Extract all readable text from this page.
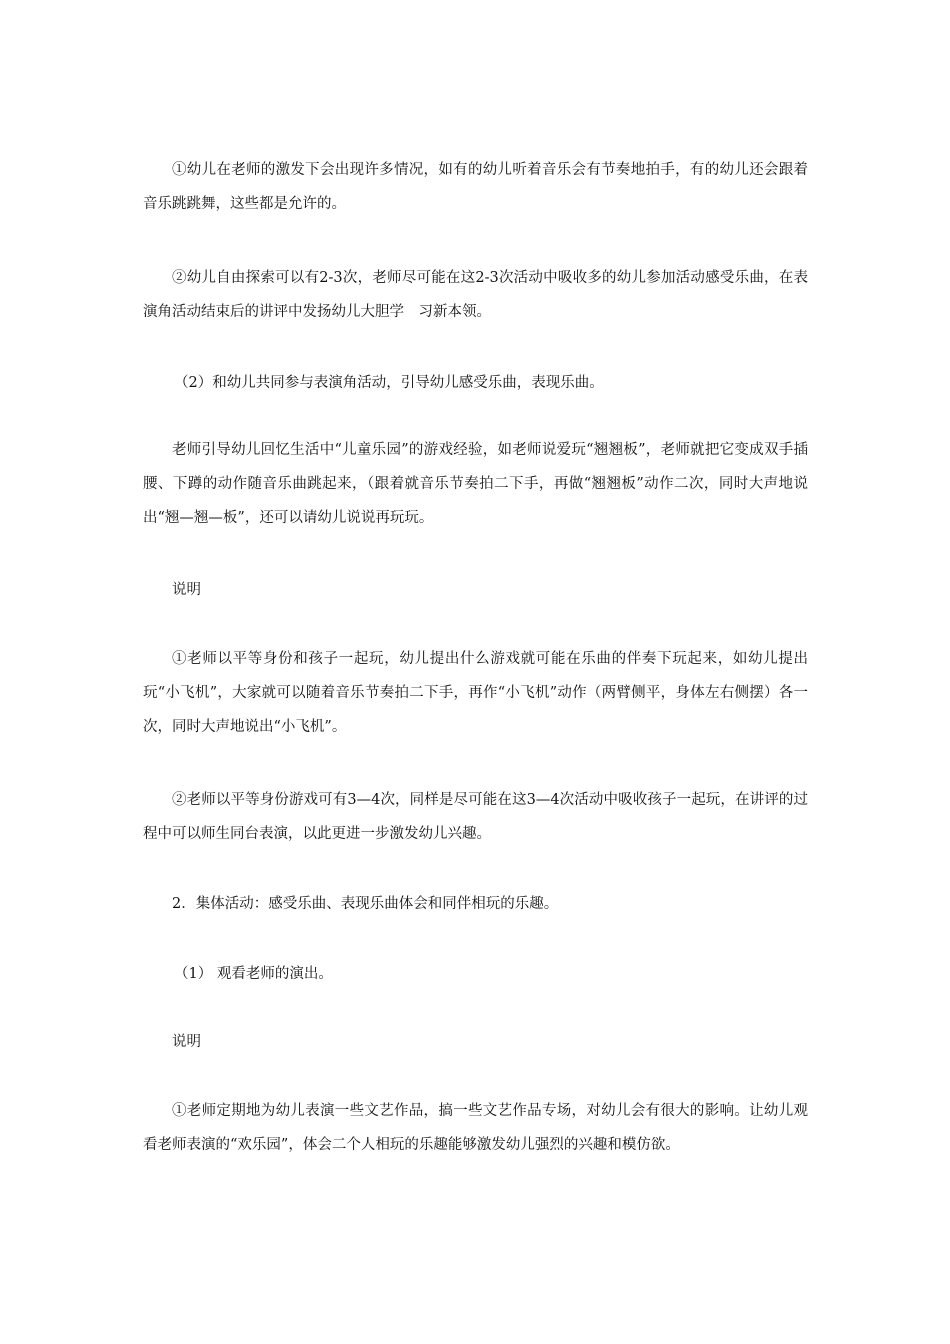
①幼儿在老师的激发下会出现许多情况，如有的幼儿听着音乐会有节奏地拍手，有的幼儿还会跟着音乐跳跳舞，这些都是允许的。

②幼儿自由探索可以有2-3次，老师尽可能在这2-3次活动中吸收多的幼儿参加活动感受乐曲，在表演角活动结束后的讲评中发扬幼儿大胆学　习新本领。

（2）和幼儿共同参与表演角活动，引导幼儿感受乐曲，表现乐曲。

老师引导幼儿回忆生活中“儿童乐园”的游戏经验，如老师说爱玩“翘翘板”，老师就把它变成双手插腰、下蹲的动作随音乐曲跳起来，（跟着就音乐节奏拍二下手，再做“翘翘板”动作二次，同时大声地说出“翘—翘—板”，还可以请幼儿说说再玩玩。

说明

①老师以平等身份和孩子一起玩，幼儿提出什么游戏就可能在乐曲的伴奏下玩起来，如幼儿提出玩“小飞机”，大家就可以随着音乐节奏拍二下手，再作“小飞机”动作（两臂侧平，身体左右侧摆）各一次，同时大声地说出“小飞机”。

②老师以平等身份游戏可有3—4次，同样是尽可能在这3—4次活动中吸收孩子一起玩，在讲评的过程中可以师生同台表演，以此更进一步激发幼儿兴趣。

2．集体活动：感受乐曲、表现乐曲体会和同伴相玩的乐趣。

（1） 观看老师的演出。

说明

①老师定期地为幼儿表演一些文艺作品，搞一些文艺作品专场，对幼儿会有很大的影响。让幼儿观看老师表演的“欢乐园”，体会二个人相玩的乐趣能够激发幼儿强烈的兴趣和模仿欲。
